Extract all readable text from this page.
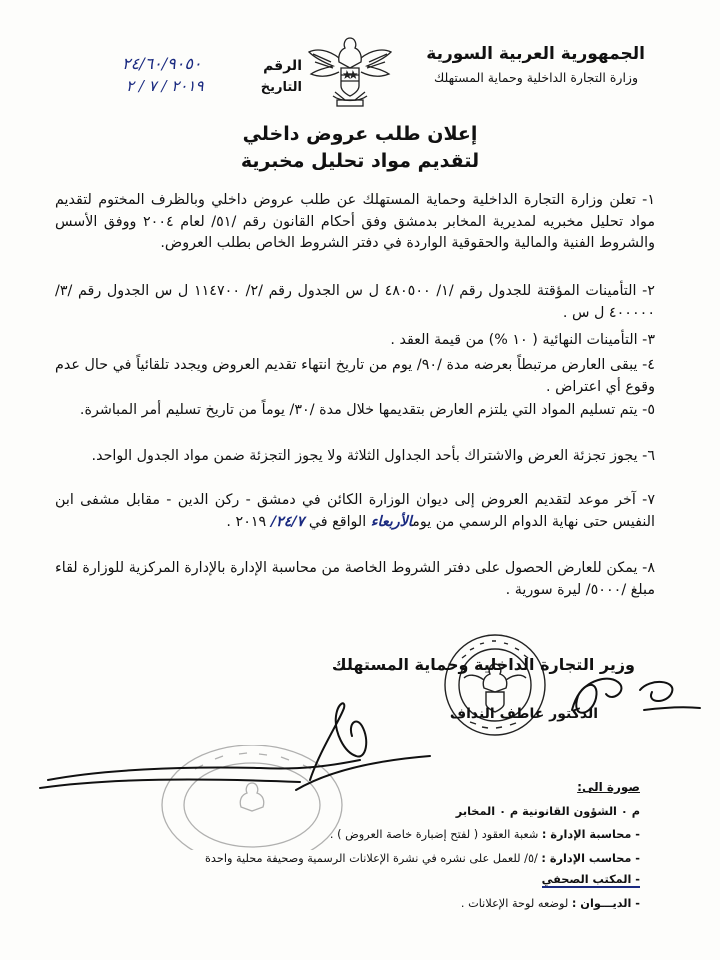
الجمهورية العربية السورية
وزارة التجارة الداخلية وحماية المستهلك
الرقم
٢٤/٦٠/٩٠٥٠
التاريخ
٢٠١٩ / ٧ / ٢
إعلان طلب عروض داخلي
لتقديم مواد تحليل مخبرية
١- تعلن وزارة التجارة الداخلية وحماية المستهلك عن طلب عروض داخلي وبالظرف المختوم لتقديم مواد تحليل مخبريه لمديرية المخابر بدمشق وفق أحكام القانون رقم /٥١/ لعام ٢٠٠٤ ووفق الأسس والشروط الفنية والمالية والحقوقية الواردة في دفتر الشروط الخاص بطلب العروض.
٢- التأمينات المؤقتة للجدول رقم /١/ ٤٨٠٥٠٠ ل س الجدول رقم /٢/ ١١٤٧٠٠ ل س الجدول رقم /٣/ ٤٠٠٠٠٠ ل س .
٣- التأمينات النهائية ( ١٠ %) من قيمة العقد .
٤- يبقى العارض مرتبطاً بعرضه مدة /٩٠/ يوم من تاريخ انتهاء تقديم العروض ويجدد تلقائياً في حال عدم وقوع أي اعتراض .
٥- يتم تسليم المواد التي يلتزم العارض بتقديمها خلال مدة /٣٠/ يوماً من تاريخ تسليم أمر المباشرة.
٦- يجوز تجزئة العرض والاشتراك بأحد الجداول الثلاثة ولا يجوز التجزئة ضمن مواد الجدول الواحد.
٧- آخر موعد لتقديم العروض إلى ديوان الوزارة الكائن في دمشق - ركن الدين - مقابل مشفى ابن النفيس حتى نهاية الدوام الرسمي من يومالأربعاء الواقع في ٢٤/٧/ ٢٠١٩ .
٨- يمكن للعارض الحصول على دفتر الشروط الخاصة من محاسبة الإدارة بالإدارة المركزية للوزارة لقاء مبلغ /٥٠٠٠/ ليرة سورية .
وزير التجارة الداخلية وحماية المستهلك
الدكتور عاطف النداف
صورة الى:
م ٠ الشؤون القانونية م ٠ المخابر
- محاسبة الإدارة : شعبة العقود ( لفتح إضبارة خاصة العروض ) .
- محاسب الإدارة : /٥/ للعمل على نشره في نشرة الإعلانات الرسمية وصحيفة محلية واحدة
- المكتب الصحفي
- الديـــوان : لوضعه لوحة الإعلانات .
